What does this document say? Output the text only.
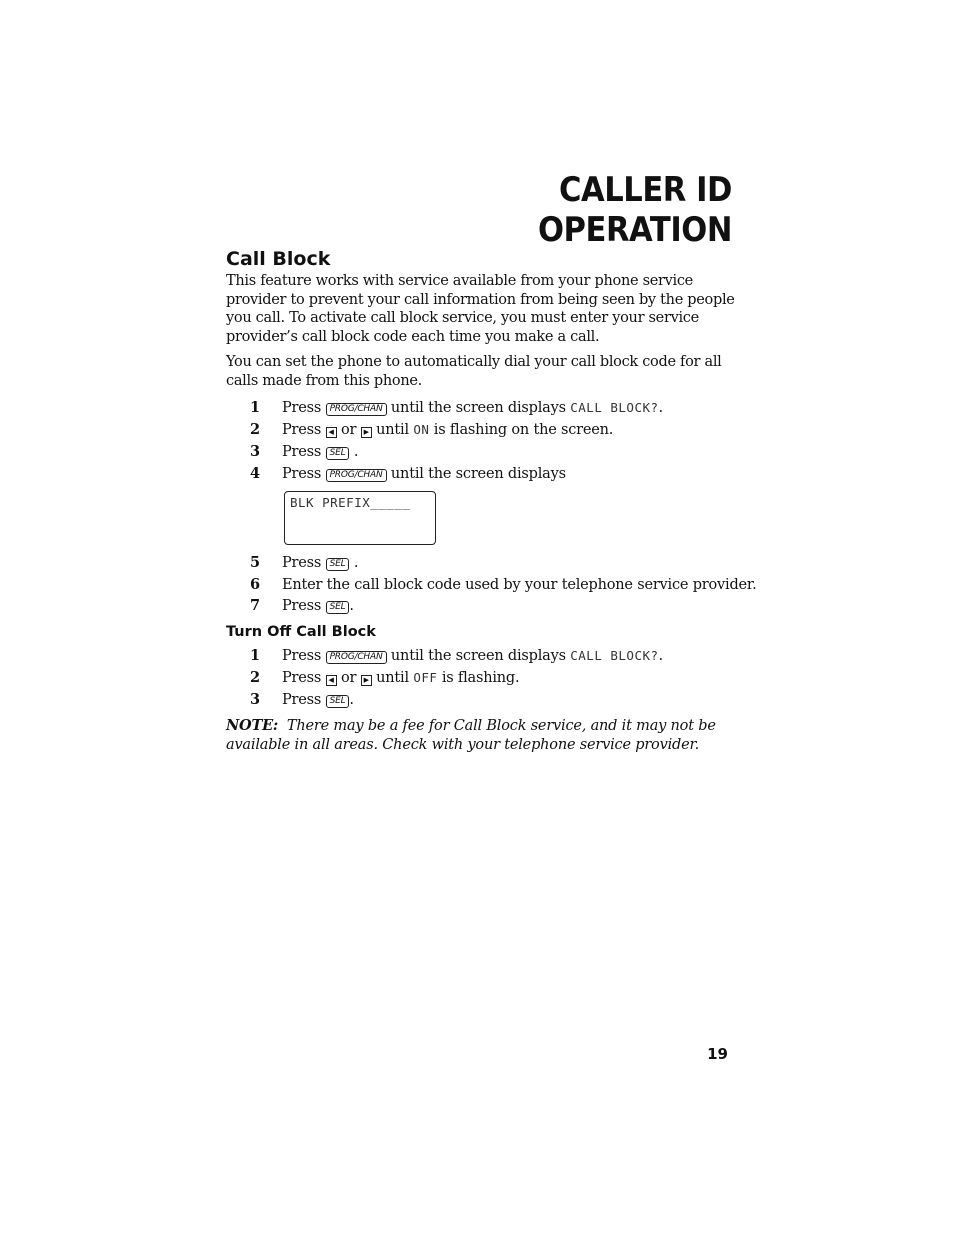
CALLER ID OPERATION
Call Block
This feature works with service available from your phone service provider to prevent your call information from being seen by the people you call. To activate call block service, you must enter your service provider’s call block code each time you make a call.
You can set the phone to automatically dial your call block code for all calls made from this phone.
1 Press PROG/CHAN until the screen displays CALL BLOCK?.
2 Press ◀ or ▶ until ON is flashing on the screen.
3 Press SEL .
4 Press PROG/CHAN until the screen displays
BLK PREFIX_____
5 Press SEL .
6 Enter the call block code used by your telephone service provider.
7 Press SEL .
Turn Off Call Block
1 Press PROG/CHAN until the screen displays CALL BLOCK?.
2 Press ◀ or ▶ until OFF is flashing.
3 Press SEL .
NOTE: There may be a fee for Call Block service, and it may not be available in all areas. Check with your telephone service provider.
19
